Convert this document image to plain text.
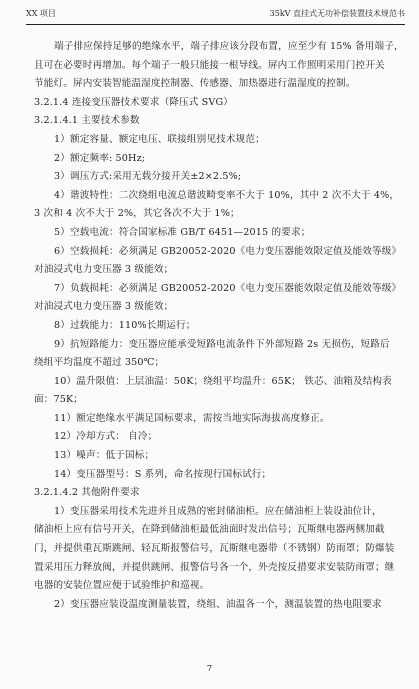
XX 项目	35kV 直挂式无功补偿装置技术规范书
端子排应保持足够的绝缘水平，端子排应该分段布置，应至少有 15% 备用端子，
且可在必要时再增加。每个端子一般只能接一根导线。屏内工作照明采用门控开关
节能灯。屏内安装智能温湿度控制器、传感器、加热器进行温湿度的控制。
3.2.1.4 连接变压器技术要求（降压式 SVG）
3.2.1.4.1 主要技术参数
1）额定容量、额定电压、联接组别见技术规范；
2）额定频率: 50Hz;
3）调压方式:采用无载分接开关±2×2.5%;
4）谐波特性：二次绕组电流总谐波畸变率不大于 10%，其中 2 次不大于 4%，
3 次和 4 次不大于 2%，其它各次不大于 1%；
5）空载电流：符合国家标准 GB/T 6451—2015 的要求；
6）空载损耗：必须满足 GB20052-2020《电力变压器能效限定值及能效等级》
对油浸式电力变压器 3 级能效；
7）负载损耗：必须满足 GB20052-2020《电力变压器能效限定值及能效等级》
对油浸式电力变压器 3 级能效；
8）过载能力：110%长期运行；
9）抗短路能力：变压器应能承受短路电流条件下外部短路 2s 无损伤，短路后
绕组平均温度不超过 350℃；
10）温升限值：上层油温：50K；绕组平均温升：65K； 铁芯、油箱及结构表
面：75K；
11）额定绝缘水平满足国标要求，需按当地实际海拔高度修正。
12）冷却方式： 自冷；
13）噪声：低于国标；
14）变压器型号：S 系列，命名按现行国标试行；
3.2.1.4.2 其他附件要求
1）变压器采用技术先进并且成熟的密封储油柜。应在储油柜上装设油位计，
储油柜上应有信号开关，在降到储油柜最低油面时发出信号；瓦斯继电器两侧加截
门，并提供重瓦斯跳闸、轻瓦斯报警信号，瓦斯继电器带（不锈钢）防雨罩；防爆装
置采用压力释放阀，并提供跳闸、报警信号各一个，外壳按反措要求安装防雨罩；继
电器的安装位置应便于试验维护和巡视。
2）变压器应装设温度测量装置，绕组、油温各一个，测温装置的热电阻要求
7
